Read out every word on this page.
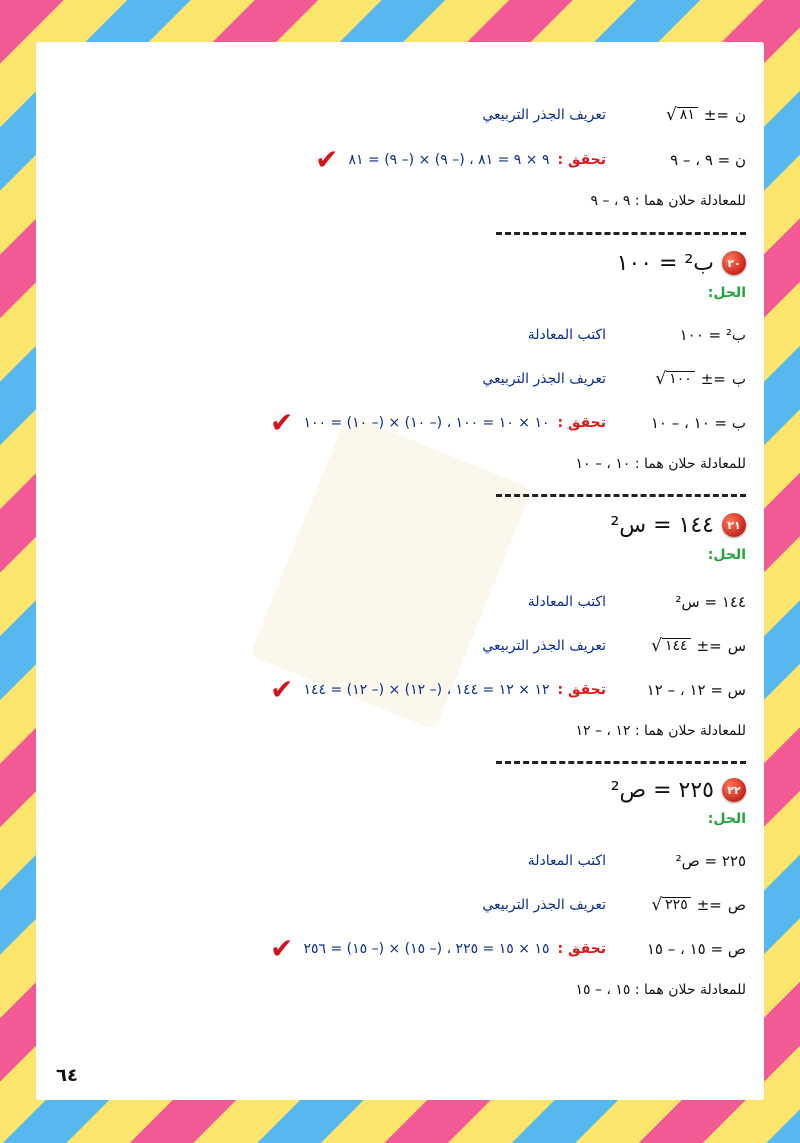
ن
=±
√ ٨١
تعريف الجذر التربيعي
ن = ٩ ، – ٩
تحقق :
٩ × ٩ = ٨١ ، (– ٩) × (– ٩) = ٨١
✔
للمعادلة حلان هما : ٩ ، – ٩
٢٠
ب² = ١٠٠
الحل:
ب² = ١٠٠
اكتب المعادلة
ب
=±
√ ١٠٠
تعريف الجذر التربيعي
ب = ١٠ ، – ١٠
تحقق :
١٠ × ١٠ = ١٠٠ ، (– ١٠) × (– ١٠) = ١٠٠
✔
للمعادلة حلان هما : ١٠ ، – ١٠
٢١
١٤٤ = س²
الحل:
١٤٤ = س²
اكتب المعادلة
س
=±
√ ١٤٤
تعريف الجذر التربيعي
س = ١٢ ، – ١٢
تحقق :
١٢ × ١٢ = ١٤٤ ، (– ١٢) × (– ١٢) = ١٤٤
✔
للمعادلة حلان هما : ١٢ ، – ١٢
٢٢
٢٢٥ = ص²
الحل:
٢٢٥ = ص²
اكتب المعادلة
ص
=±
√ ٢٢٥
تعريف الجذر التربيعي
ص = ١٥ ، – ١٥
تحقق :
١٥ × ١٥ = ٢٢٥ ، (– ١٥) × (– ١٥) = ٢٥٦
✔
للمعادلة حلان هما : ١٥ ، – ١٥
٦٤
